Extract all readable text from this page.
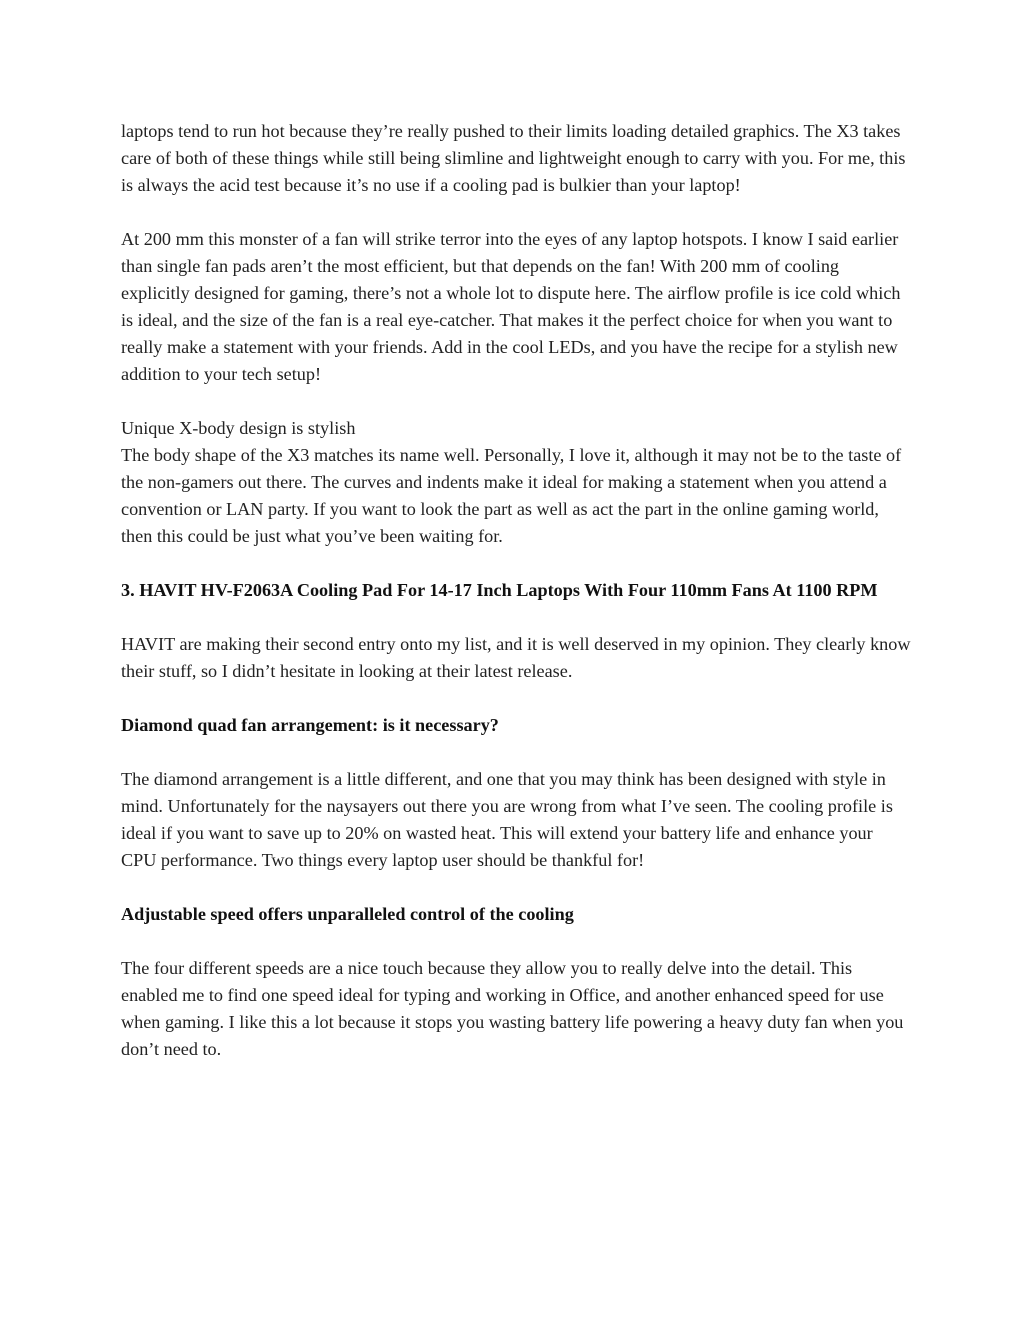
laptops tend to run hot because they’re really pushed to their limits loading detailed graphics. The X3 takes care of both of these things while still being slimline and lightweight enough to carry with you. For me, this is always the acid test because it’s no use if a cooling pad is bulkier than your laptop!

At 200 mm this monster of a fan will strike terror into the eyes of any laptop hotspots. I know I said earlier than single fan pads aren’t the most efficient, but that depends on the fan! With 200 mm of cooling explicitly designed for gaming, there’s not a whole lot to dispute here. The airflow profile is ice cold which is ideal, and the size of the fan is a real eye-catcher. That makes it the perfect choice for when you want to really make a statement with your friends. Add in the cool LEDs, and you have the recipe for a stylish new addition to your tech setup!

Unique X-body design is stylish

The body shape of the X3 matches its name well. Personally, I love it, although it may not be to the taste of the non-gamers out there. The curves and indents make it ideal for making a statement when you attend a convention or LAN party. If you want to look the part as well as act the part in the online gaming world, then this could be just what you’ve been waiting for.

3. HAVIT HV-F2063A Cooling Pad For 14-17 Inch Laptops With Four 110mm Fans At 1100 RPM

HAVIT are making their second entry onto my list, and it is well deserved in my opinion. They clearly know their stuff, so I didn’t hesitate in looking at their latest release.

Diamond quad fan arrangement: is it necessary?

The diamond arrangement is a little different, and one that you may think has been designed with style in mind. Unfortunately for the naysayers out there you are wrong from what I’ve seen. The cooling profile is ideal if you want to save up to 20% on wasted heat. This will extend your battery life and enhance your CPU performance. Two things every laptop user should be thankful for!

Adjustable speed offers unparalleled control of the cooling

The four different speeds are a nice touch because they allow you to really delve into the detail. This enabled me to find one speed ideal for typing and working in Office, and another enhanced speed for use when gaming. I like this a lot because it stops you wasting battery life powering a heavy duty fan when you don’t need to.
